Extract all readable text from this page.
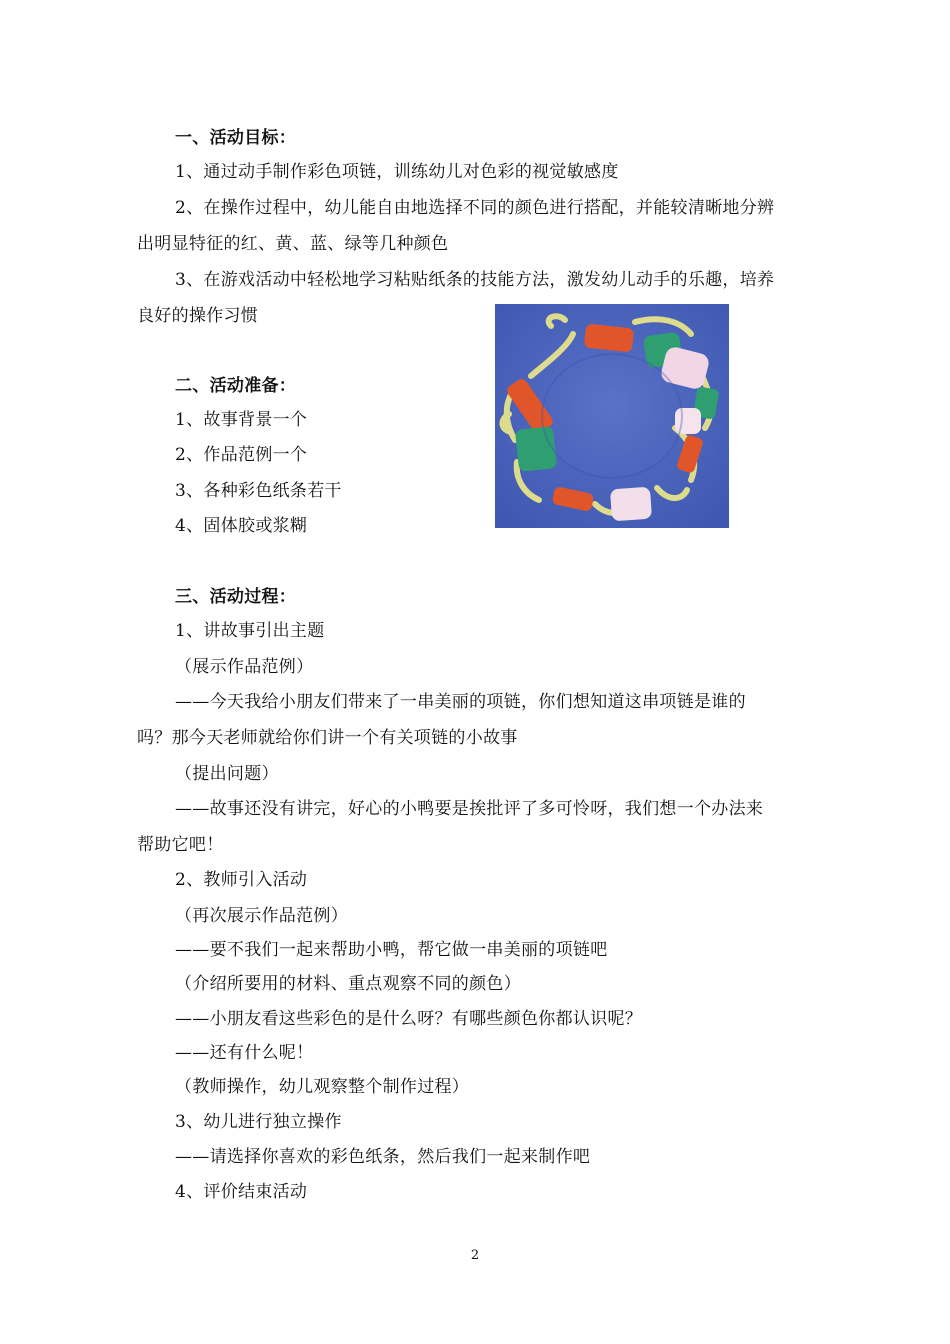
一、活动目标：
1、通过动手制作彩色项链，训练幼儿对色彩的视觉敏感度
2、在操作过程中，幼儿能自由地选择不同的颜色进行搭配，并能较清晰地分辨
出明显特征的红、黄、蓝、绿等几种颜色
3、在游戏活动中轻松地学习粘贴纸条的技能方法，激发幼儿动手的乐趣，培养
良好的操作习惯
二、活动准备：
1、故事背景一个
2、作品范例一个
3、各种彩色纸条若干
4、固体胶或浆糊
三、活动过程：
1、讲故事引出主题
（展示作品范例）
——今天我给小朋友们带来了一串美丽的项链，你们想知道这串项链是谁的
吗？那今天老师就给你们讲一个有关项链的小故事
（提出问题）
——故事还没有讲完，好心的小鸭要是挨批评了多可怜呀，我们想一个办法来
帮助它吧！
2、教师引入活动
（再次展示作品范例）
——要不我们一起来帮助小鸭，帮它做一串美丽的项链吧
（介绍所要用的材料、重点观察不同的颜色）
——小朋友看这些彩色的是什么呀？有哪些颜色你都认识呢？
——还有什么呢！
（教师操作，幼儿观察整个制作过程）
3、幼儿进行独立操作
——请选择你喜欢的彩色纸条，然后我们一起来制作吧
4、评价结束活动
2
